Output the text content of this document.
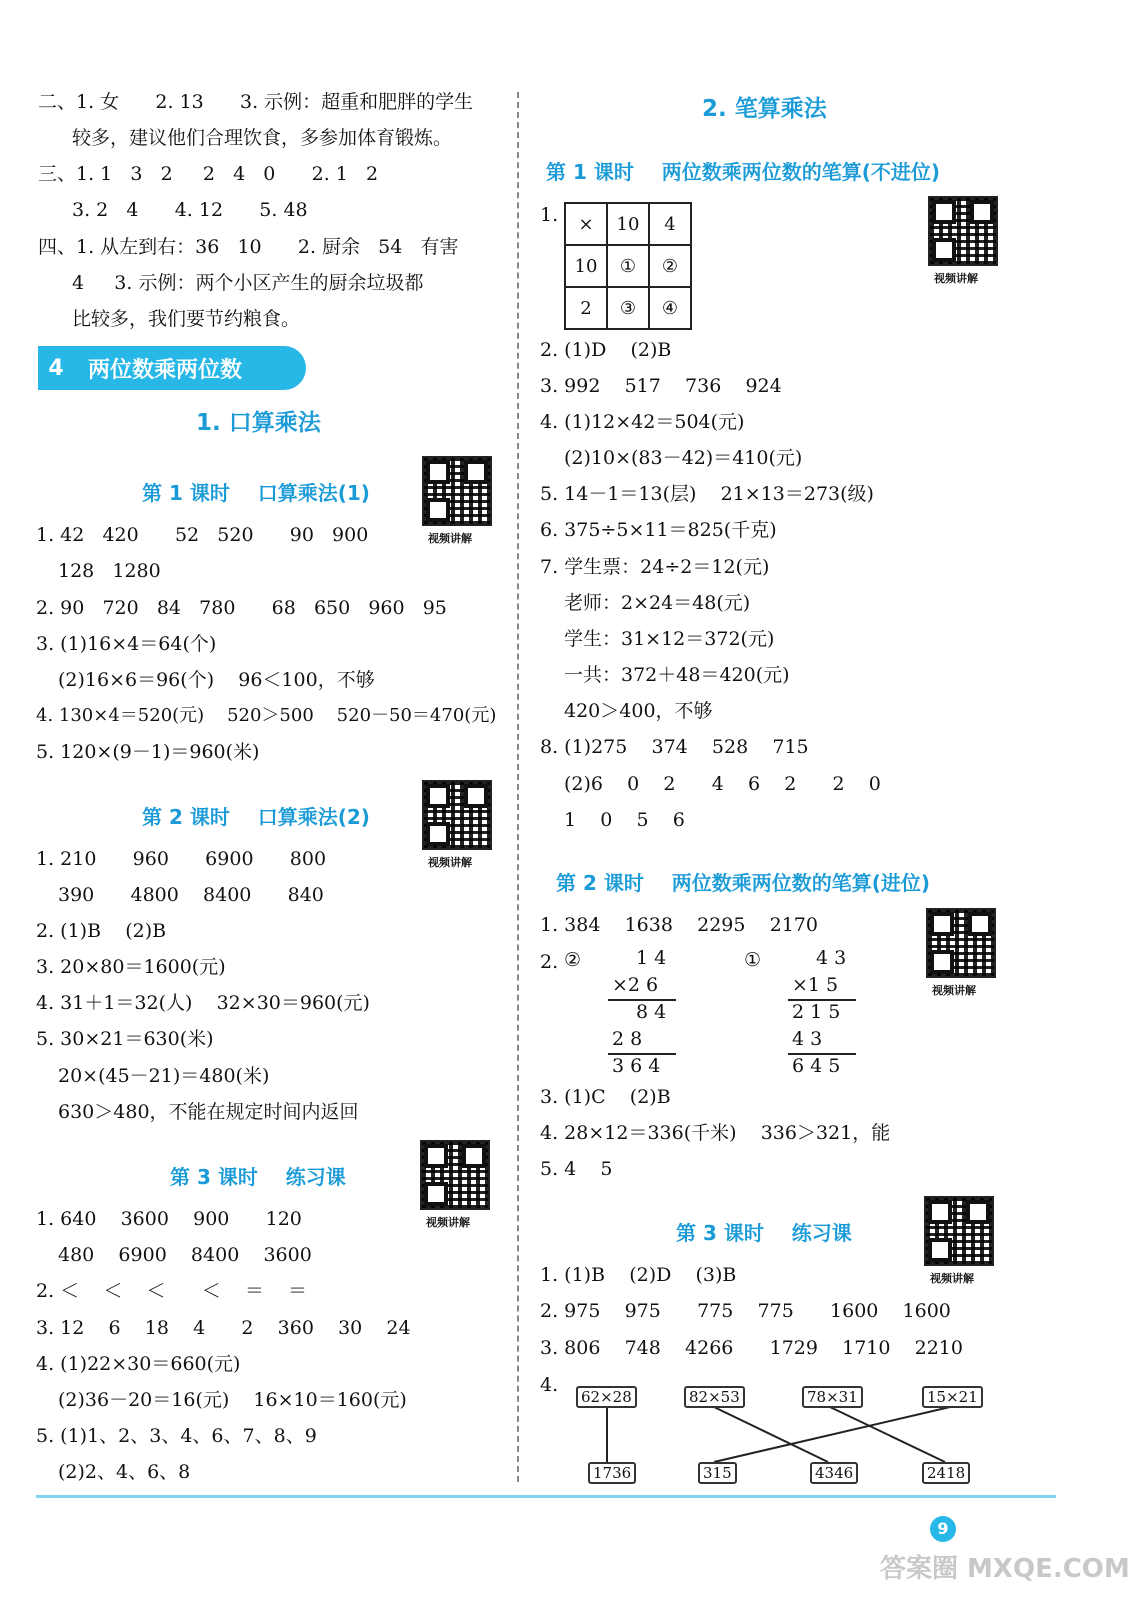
二、1. 女      2. 13      3. 示例：超重和肥胖的学生
较多，建议他们合理饮食，多参加体育锻炼。
三、1. 1   3   2     2   4   0      2. 1   2
3. 2   4      4. 12      5. 48
四、1. 从左到右：36   10      2. 厨余   54   有害
4     3. 示例：两个小区产生的厨余垃圾都
比较多，我们要节约粮食。
4	两位数乘两位数
1. 口算乘法
第 1 课时    口算乘法(1)
视频讲解
1. 42   420      52   520      90   900
128   1280
2. 90   720   84   780      68   650   960   95
3. (1)16×4＝64(个)
(2)16×6＝96(个)    96＜100，不够
4. 130×4＝520(元)    520＞500    520－50＝470(元)
5. 120×(9－1)＝960(米)
第 2 课时    口算乘法(2)
视频讲解
1. 210      960      6900      800
390      4800    8400      840
2. (1)B    (2)B
3. 20×80＝1600(元)
4. 31＋1＝32(人)    32×30＝960(元)
5. 30×21＝630(米)
20×(45－21)＝480(米)
630＞480，不能在规定时间内返回
第 3 课时    练习课
视频讲解
1. 640    3600    900      120
480    6900    8400    3600
2. ＜    ＜    ＜      ＜    ＝    ＝
3. 12    6    18    4      2    360    30    24
4. (1)22×30＝660(元)
(2)36－20＝16(元)    16×10＝160(元)
5. (1)1、2、3、4、6、7、8、9
(2)2、4、6、8
2. 笔算乘法
第 1 课时    两位数乘两位数的笔算(不进位)
1. ×	10	4
10	①	②
2	③	④
视频讲解
2. (1)D    (2)B
3. 992    517    736    924
4. (1)12×42＝504(元)
(2)10×(83－42)＝410(元)
5. 14－1＝13(层)    21×13＝273(级)
6. 375÷5×11＝825(千克)
7. 学生票：24÷2＝12(元)
老师：2×24＝48(元)
学生：31×12＝372(元)
一共：372＋48＝420(元)
420＞400，不够
8. (1)275    374    528    715
(2)6    0    2      4    6    2      2    0
1    0    5    6
第 2 课时    两位数乘两位数的笔算(进位)
视频讲解
1. 384    1638    2295    2170
2. ②	1 4
×2 6
8 4
2 8
3 6 4
①	4 3
×1 5
2 1 5
4 3
6 4 5
3. (1)C    (2)B
4. 28×12＝336(千米)    336＞321，能
5. 4    5
第 3 课时    练习课
视频讲解
1. (1)B    (2)D    (3)B
2. 975    975      775    775      1600    1600
3. 806    748    4266      1729    1710    2210
4.
62×28	82×53	78×31	15×21
1736	315	4346	2418
9
答案圈 MXQE.COM
